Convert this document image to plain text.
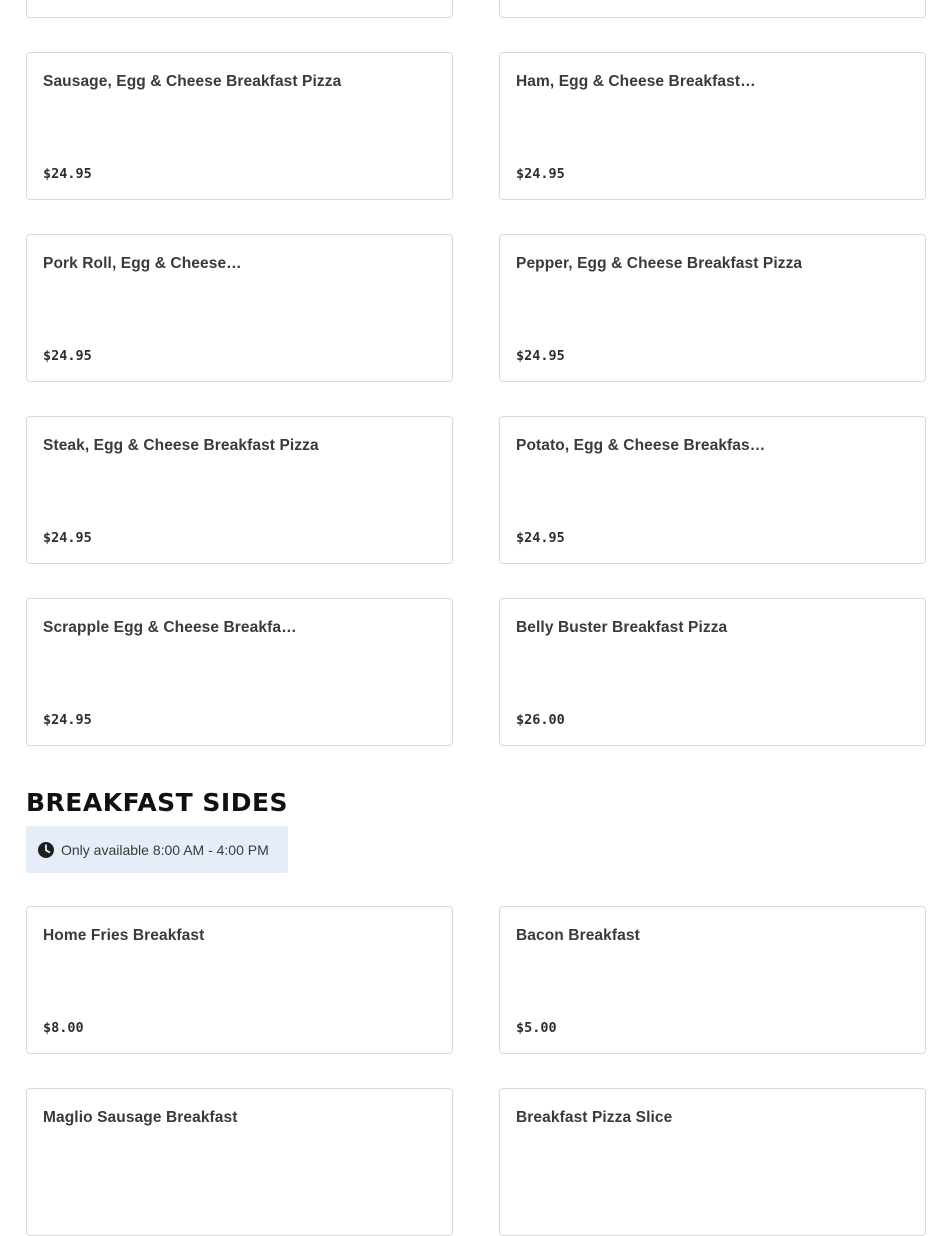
Sausage, Egg & Cheese Breakfast Pizza
$24.95
Ham, Egg & Cheese Breakfast…
$24.95
Pork Roll, Egg & Cheese…
$24.95
Pepper, Egg & Cheese Breakfast Pizza
$24.95
Steak, Egg & Cheese Breakfast Pizza
$24.95
Potato, Egg & Cheese Breakfas…
$24.95
Scrapple Egg & Cheese Breakfa…
$24.95
Belly Buster Breakfast Pizza
$26.00
BREAKFAST SIDES
Only available 8:00 AM - 4:00 PM
Home Fries Breakfast
$8.00
Bacon Breakfast
$5.00
Maglio Sausage Breakfast	Breakfast Pizza Slice
